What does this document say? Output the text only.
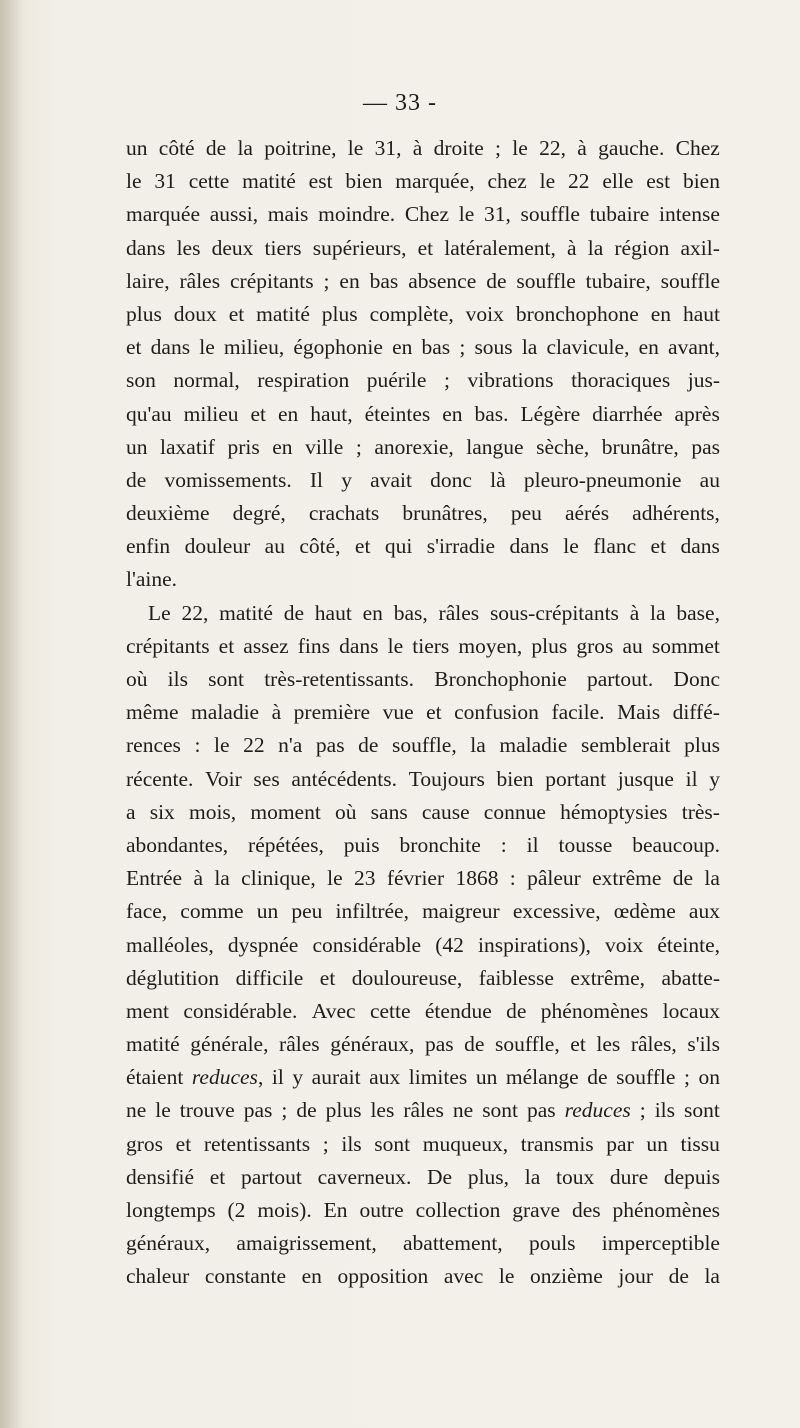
— 33 -
un côté de la poitrine, le 31, à droite ; le 22, à gauche. Chez
le 31 cette matité est bien marquée, chez le 22 elle est bien
marquée aussi, mais moindre. Chez le 31, souffle tubaire intense
dans les deux tiers supérieurs, et latéralement, à la région axil-
laire, râles crépitants ; en bas absence de souffle tubaire, souffle
plus doux et matité plus complète, voix bronchophone en haut
et dans le milieu, égophonie en bas ; sous la clavicule, en avant,
son normal, respiration puérile ; vibrations thoraciques jus-
qu'au milieu et en haut, éteintes en bas. Légère diarrhée après
un laxatif pris en ville ; anorexie, langue sèche, brunâtre, pas
de vomissements. Il y avait donc là pleuro-pneumonie au
deuxième degré, crachats brunâtres, peu aérés adhérents,
enfin douleur au côté, et qui s'irradie dans le flanc et dans
l'aine.
Le 22, matité de haut en bas, râles sous-crépitants à la base,
crépitants et assez fins dans le tiers moyen, plus gros au sommet
où ils sont très-retentissants. Bronchophonie partout. Donc
même maladie à première vue et confusion facile. Mais diffé-
rences : le 22 n'a pas de souffle, la maladie semblerait plus
récente. Voir ses antécédents. Toujours bien portant jusque il y
a six mois, moment où sans cause connue hémoptysies très-
abondantes, répétées, puis bronchite : il tousse beaucoup.
Entrée à la clinique, le 23 février 1868 : pâleur extrême de la
face, comme un peu infiltrée, maigreur excessive, œdème aux
malléoles, dyspnée considérable (42 inspirations), voix éteinte,
déglutition difficile et douloureuse, faiblesse extrême, abatte-
ment considérable. Avec cette étendue de phénomènes locaux
matité générale, râles généraux, pas de souffle, et les râles, s'ils
étaient reduces, il y aurait aux limites un mélange de souffle ; on
ne le trouve pas ; de plus les râles ne sont pas reduces ; ils sont
gros et retentissants ; ils sont muqueux, transmis par un tissu
densifié et partout caverneux. De plus, la toux dure depuis
longtemps (2 mois). En outre collection grave des phénomènes
généraux, amaigrissement, abattement, pouls imperceptible
chaleur constante en opposition avec le onzième jour de la
